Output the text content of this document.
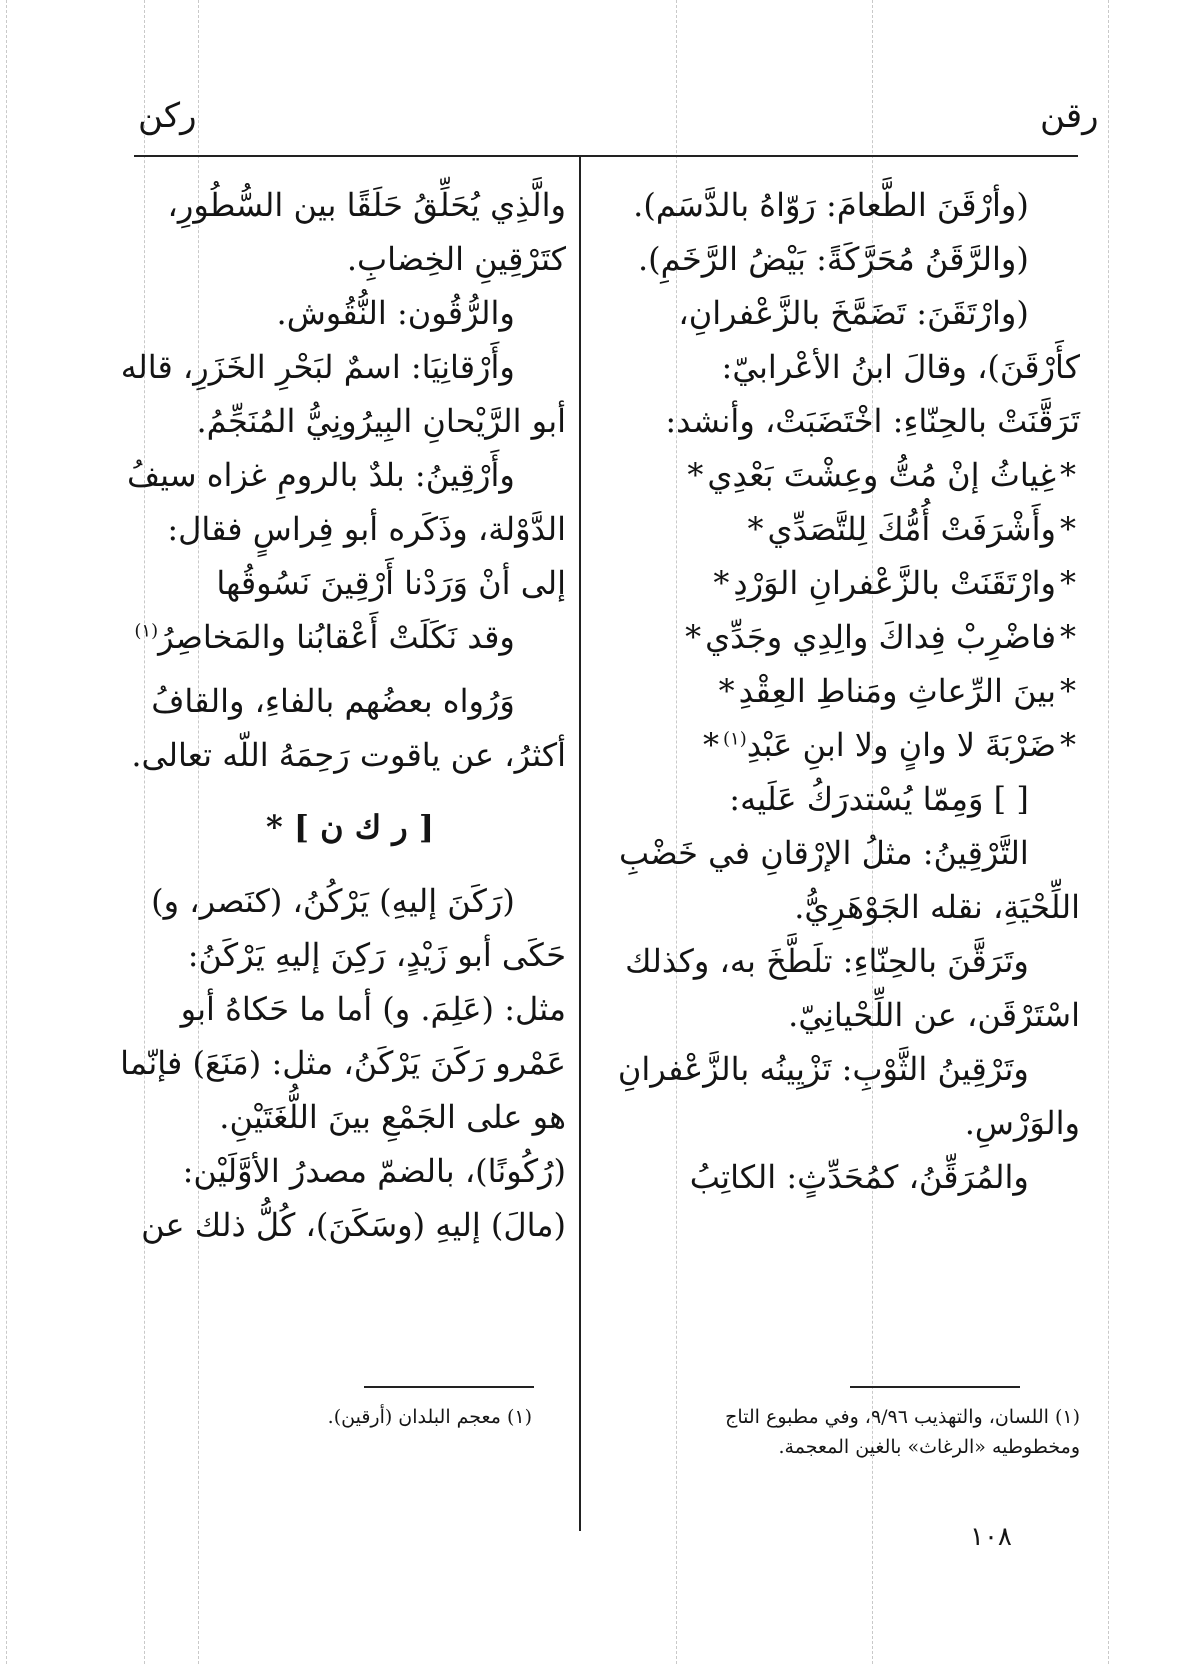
ركن	رقن

(وأرْقَنَ الطَّعامَ: رَوّاهُ بالدَّسَم).

(والرَّقَنُ مُحَرَّكَةً: بَيْضُ الرَّخَمِ).

(وارْتَقَنَ: تَضَمَّخَ بالزَّعْفرانِ،
كأَرْقَنَ)، وقالَ ابنُ الأعْرابيّ:
تَرَقَّنَتْ بالحِنّاءِ: اخْتَضَبَتْ، وأنشد:

*غِياثُ إنْ مُتُّ وعِشْتَ بَعْدِي*
*وأَشْرَفَتْ أُمُّكَ لِلتَّصَدِّي*
*وارْتَقَنَتْ بالزَّعْفرانِ الوَرْدِ*
*فاضْرِبْ فِداكَ والِدِي وجَدِّي*
*بينَ الرِّعاثِ ومَناطِ العِقْدِ*
*ضَرْبَةَ لا وانٍ ولا ابنِ عَبْدِ$^{(١)}$*

[ ] وَمِمّا يُسْتدرَكُ عَلَيه:

التَّرْقِينُ: مثلُ الإرْقانِ في خَضْبِ
اللِّحْيَةِ، نقله الجَوْهَرِيُّ.

وتَرَقَّنَ بالحِنّاءِ: تلَطَّخَ به، وكذلك
اسْتَرْقَن، عن اللِّحْيانِيّ.

وتَرْقِينُ الثَّوْبِ: تَزْيِينُه بالزَّعْفرانِ
والوَرْسِ.

والمُرَقِّنُ، كمُحَدِّثٍ: الكاتِبُ

والَّذِي يُحَلِّقُ حَلَقًا بين السُّطُورِ،
كتَرْقِينِ الخِضابِ.

والرُّقُون: النُّقُوش.

وأَرْقانِيَا: اسمٌ لبَحْرِ الخَزَرِ، قاله
أبو الرَّيْحانِ البِيرُونِيُّ المُنَجِّمُ.

وأَرْقِينُ: بلدٌ بالرومِ غزاه سيفُ
الدَّوْلة، وذَكَره أبو فِراسٍ فقال:

إلى أنْ وَرَدْنا أَرْقِينَ نَسُوقُها
وقد نَكَلَتْ أَعْقابُنا والمَخاصِرُ$^{(١)}$

وَرُواه بعضُهم بالفاءِ، والقافُ
أكثرُ، عن ياقوت رَحِمَهُ اللّه تعالى.

[ ر ك ن ] *

(رَكَنَ إليهِ) يَرْكُنُ، (كنَصر، و)
حَكَى أبو زَيْدٍ، رَكِنَ إليهِ يَرْكَنُ:
مثل: (عَلِمَ. و) أما ما حَكاهُ أبو
عَمْرو رَكَنَ يَرْكَنُ، مثل: (مَنَعَ) فإنّما
هو على الجَمْعِ بينَ اللُّغَتَيْنِ.
(رُكُونًا)، بالضمّ مصدرُ الأوَّلَيْن:
(مالَ) إليهِ (وسَكَنَ)، كُلُّ ذلك عن

(١) اللسان، والتهذيب ٩/٩٦، وفي مطبوع التاج
ومخطوطيه «الرغاث» بالغين المعجمة.
(١) معجم البلدان (أرقين).
١٠٨
